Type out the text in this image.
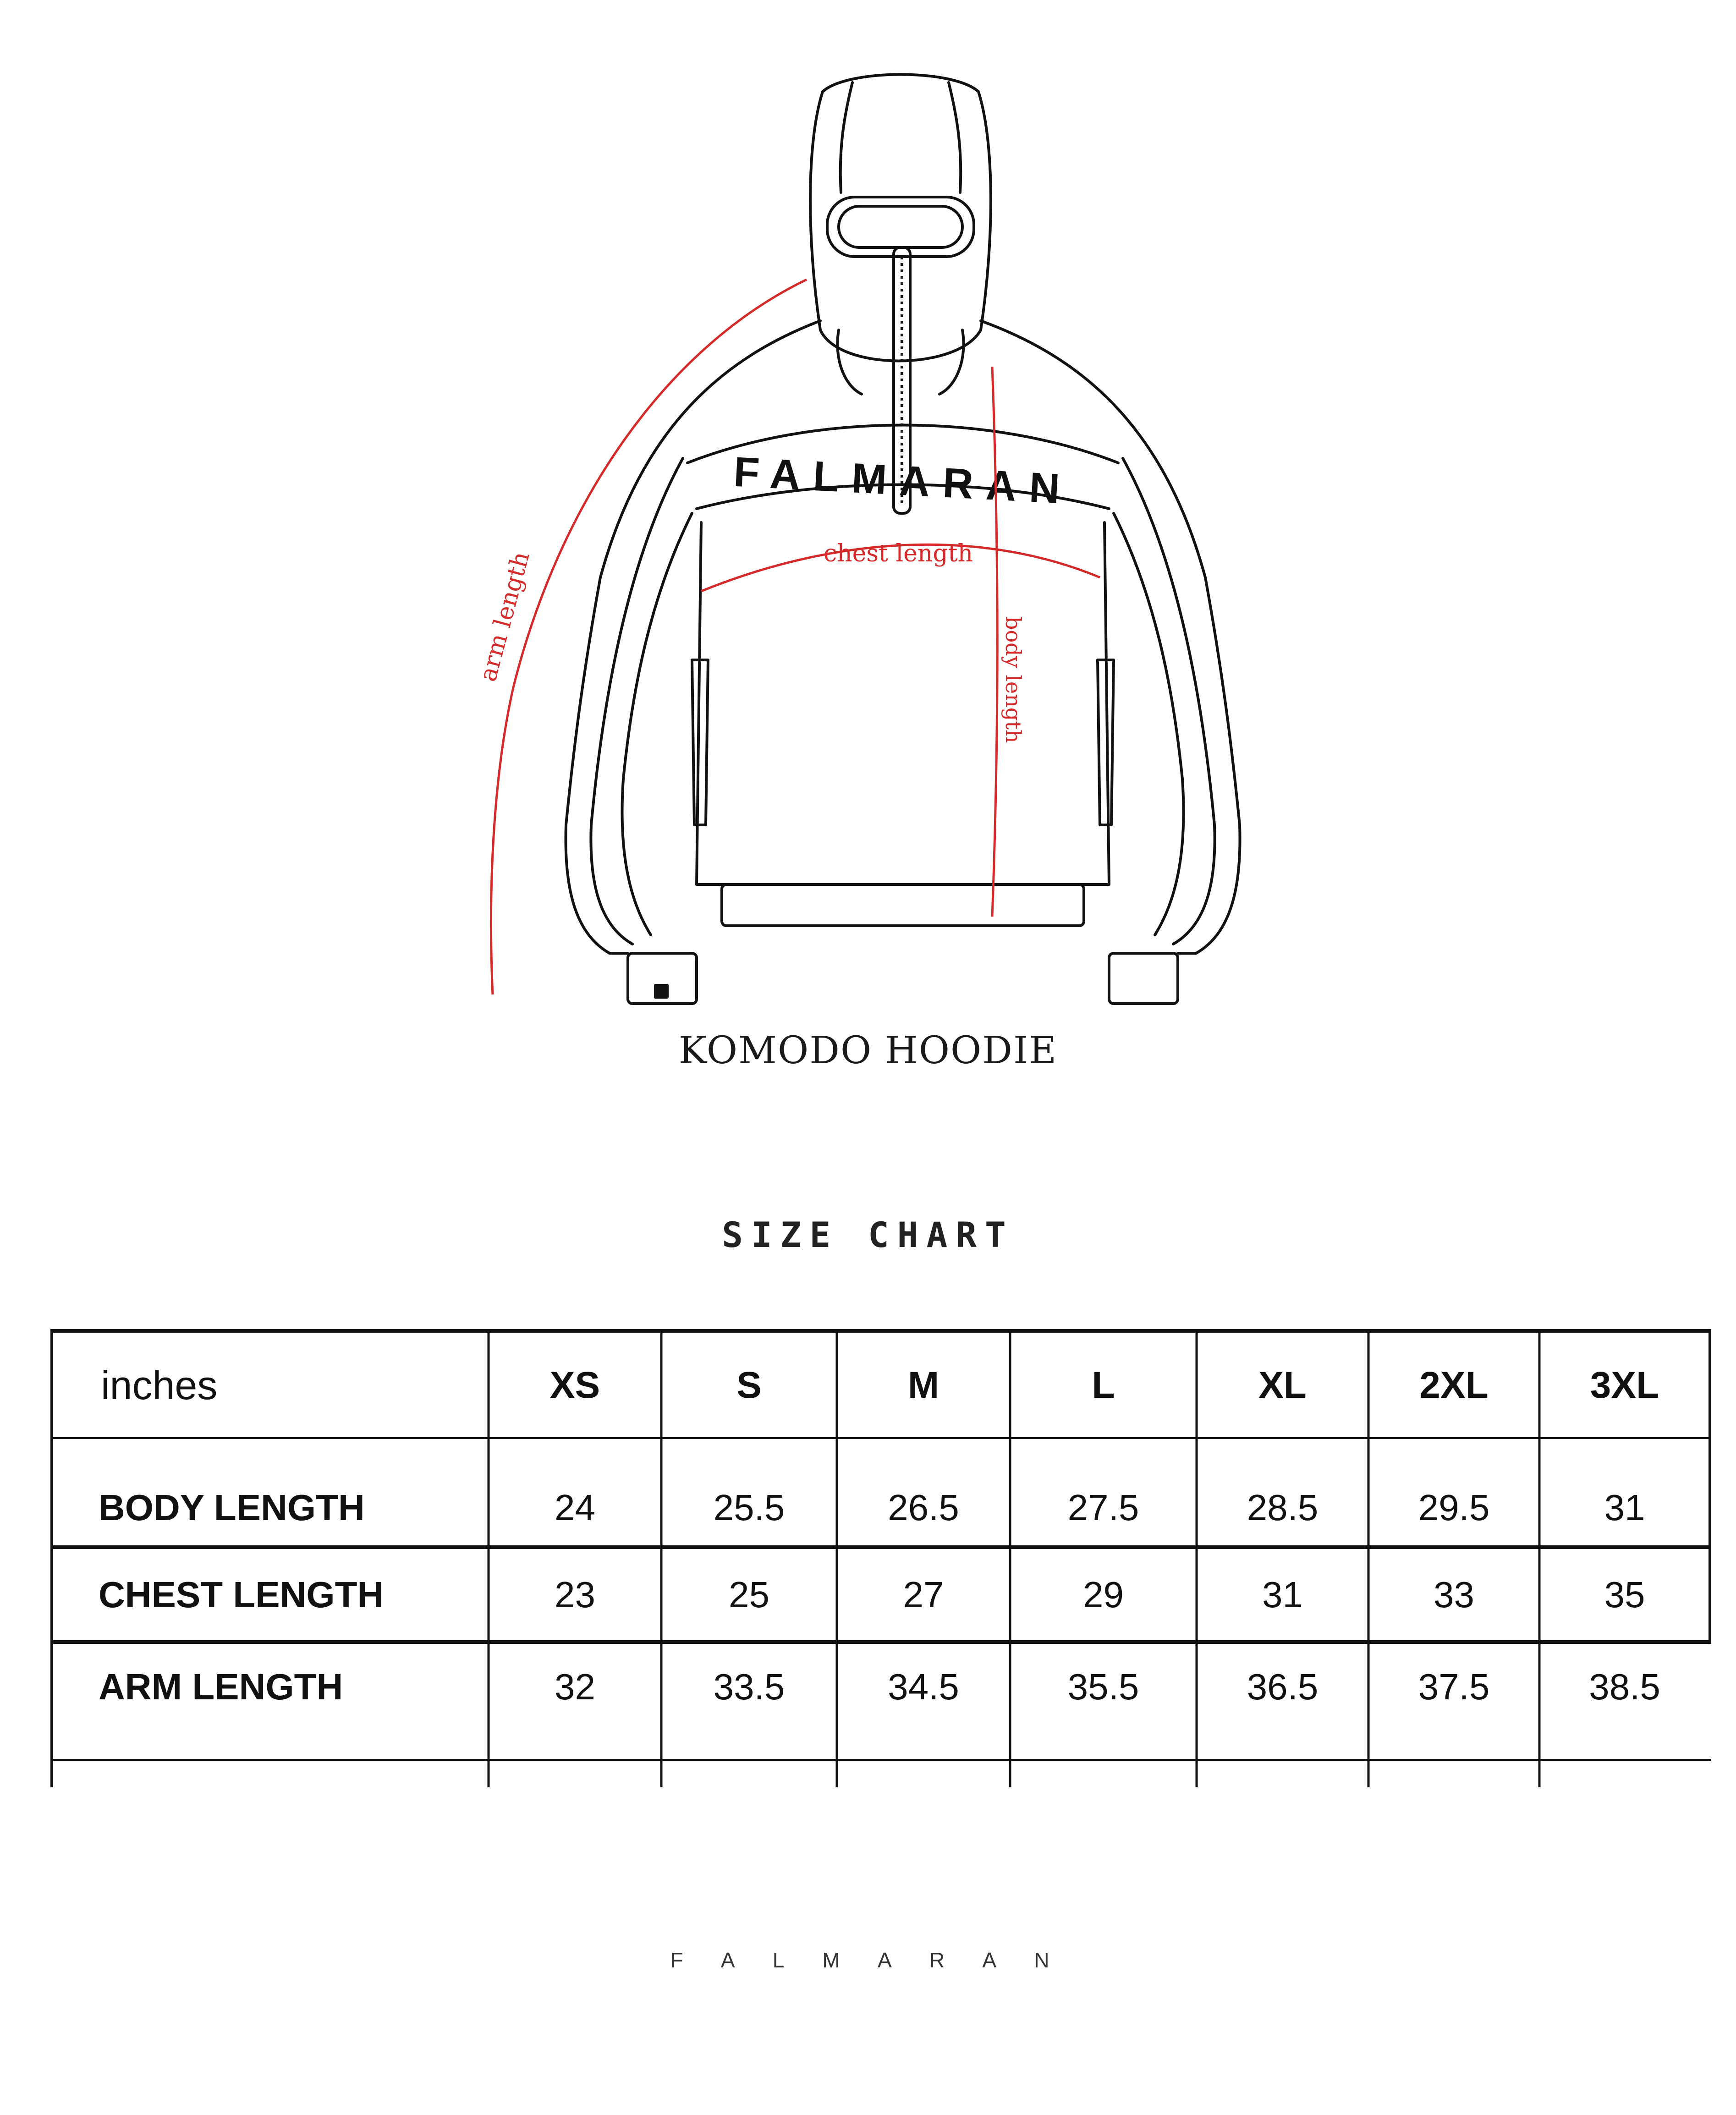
FALMARAN
arm length	chest length
body length
KOMODO HOODIE
SIZE CHART
inches	XS	S	M	L	XL	2XL	3XL
BODY LENGTH	24	25.5	26.5	27.5	28.5	29.5	31
CHEST LENGTH	23	25	27	29	31	33	35
ARM LENGTH	32	33.5	34.5	35.5	36.5	37.5	38.5
F A L M A R A N
